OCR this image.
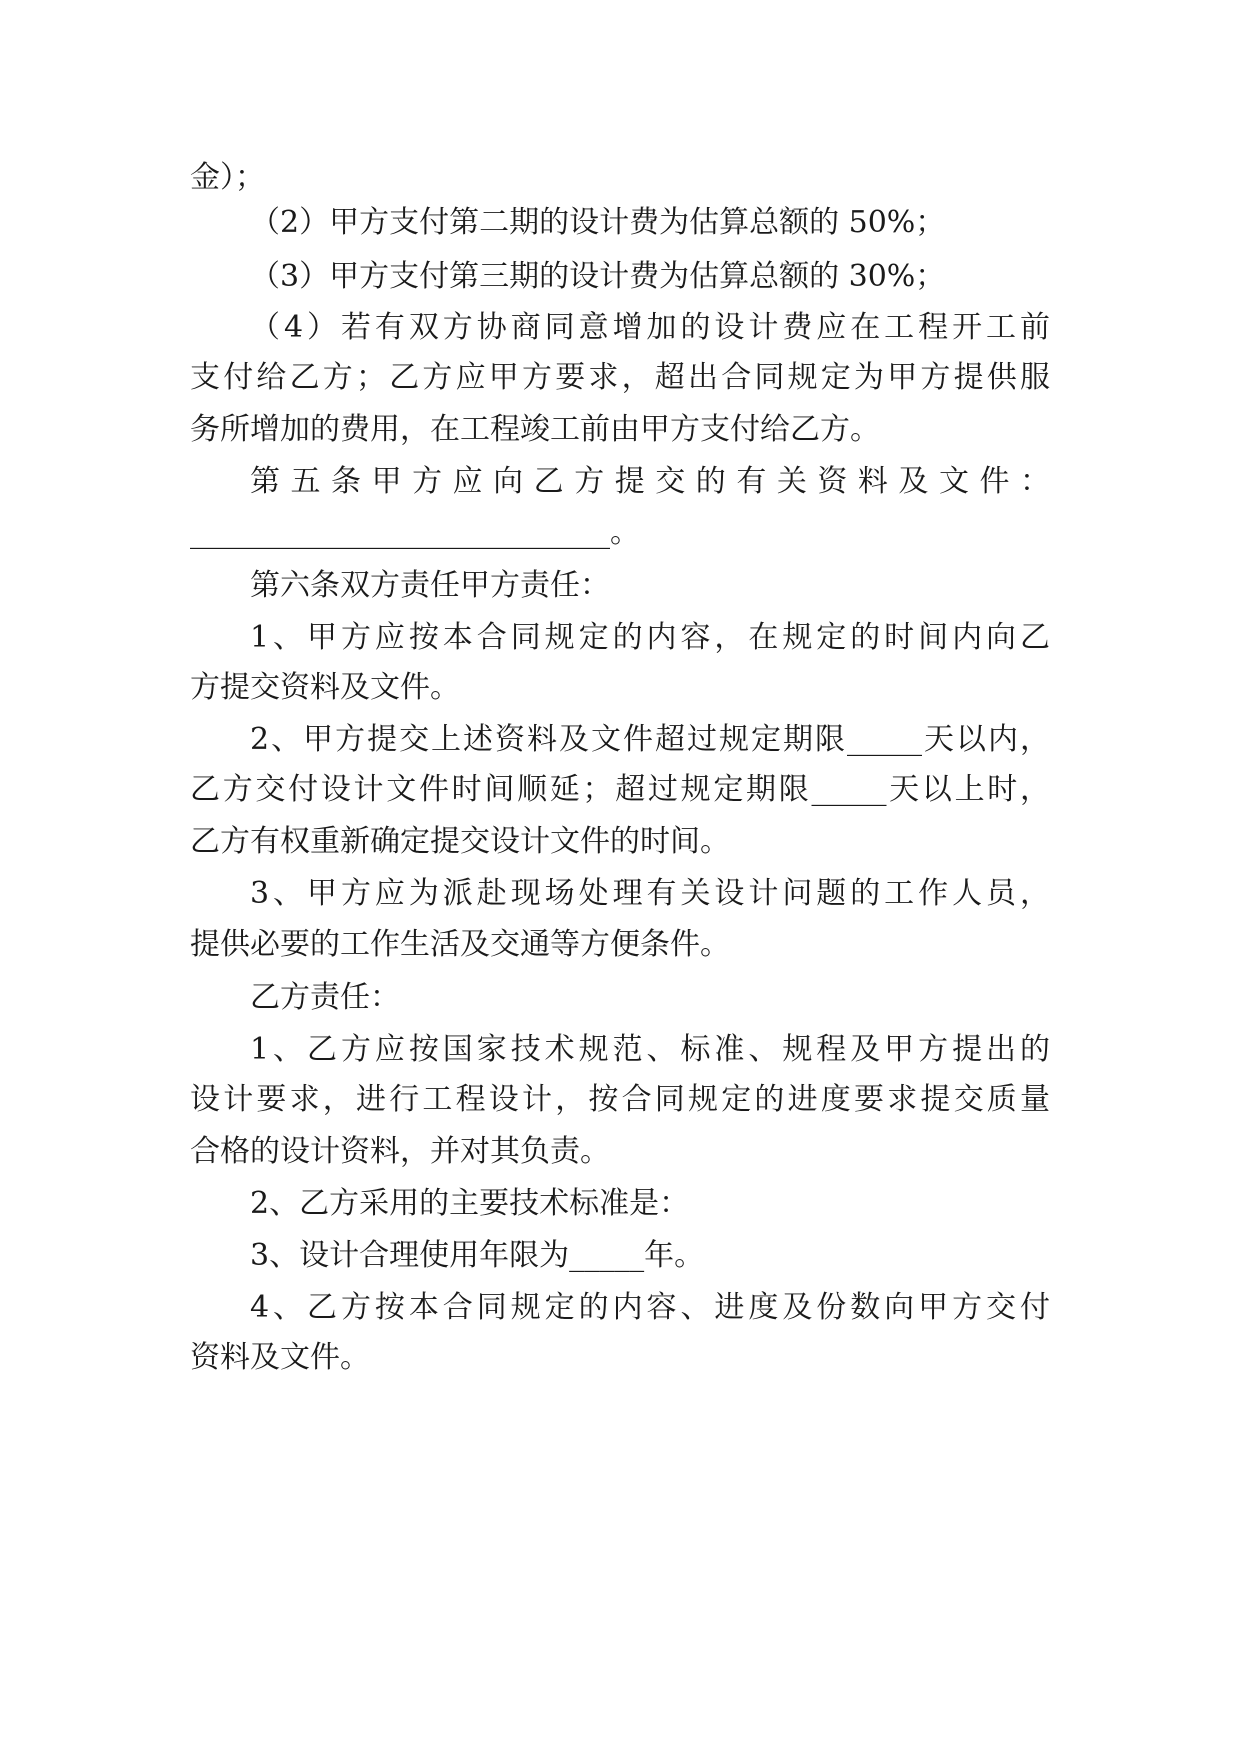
金）；
（2）甲方支付第二期的设计费为估算总额的 50%；
（3）甲方支付第三期的设计费为估算总额的 30%；
（4）若有双方协商同意增加的设计费应在工程开工前
支付给乙方；乙方应甲方要求，超出合同规定为甲方提供服
务所增加的费用，在工程竣工前由甲方支付给乙方。
第五条甲方应向乙方提交的有关资料及文件：
____________________________。
第六条双方责任甲方责任：
1、甲方应按本合同规定的内容，在规定的时间内向乙
方提交资料及文件。
2、甲方提交上述资料及文件超过规定期限_____天以内，
乙方交付设计文件时间顺延；超过规定期限_____天以上时，
乙方有权重新确定提交设计文件的时间。
3、甲方应为派赴现场处理有关设计问题的工作人员，
提供必要的工作生活及交通等方便条件。
乙方责任：
1、乙方应按国家技术规范、标准、规程及甲方提出的
设计要求，进行工程设计，按合同规定的进度要求提交质量
合格的设计资料，并对其负责。
2、乙方采用的主要技术标准是：
3、设计合理使用年限为_____年。
4、乙方按本合同规定的内容、进度及份数向甲方交付
资料及文件。
